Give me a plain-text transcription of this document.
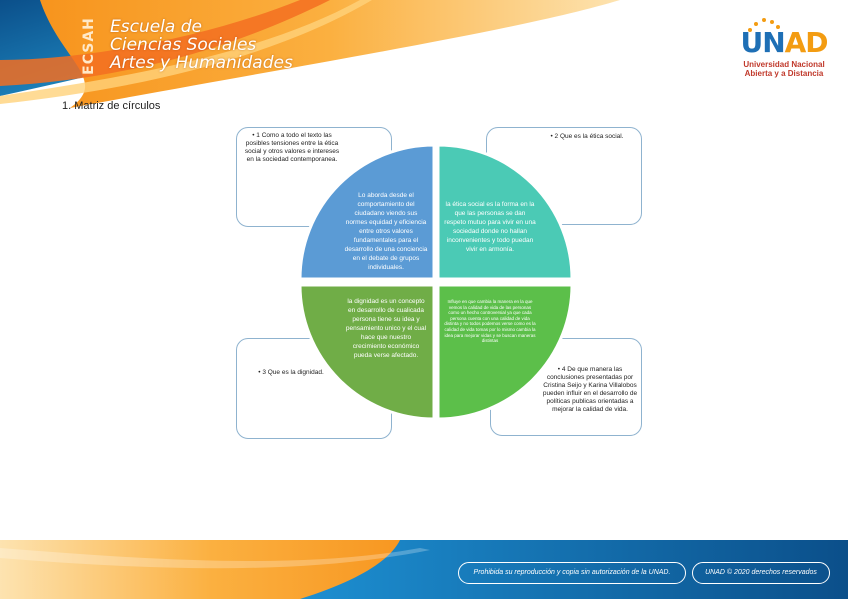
ECSAH Escuela de
Ciencias Sociales
Artes y Humanidades
UNAD
Universidad Nacional
Abierta y a Distancia
1. Matriz de círculos
• 1 Como a todo el texto las posibles tensiones entre la ética social y otros valores e intereses en la sociedad contemporanea.
• 2 Que es la ética social.
• 3 Que es la dignidad.	• 4 De que manera las conclusiones presentadas por Cristina Seijo y Karina Villalobos pueden influir en el desarrollo de políticas publicas orientadas a mejorar la calidad de vida.
Lo aborda desde el comportamiento del ciudadano viendo sus normes equidad y eficiencia entre otros valores fundamentales para el desarrollo de una conciencia en el debate de grupos individuales.
la ética social es la forma en la que las personas se dan respeto mutuo para vivir en una sociedad donde no hallan inconvenientes y todo puedan vivir en armonía.
la dignidad es un concepto en desarrollo de cualicada persona tiene su idea y pensamiento unico y el cual hace que nuestro crecimiento económico pueda verse afectado.
Influye en que cambia la manera en la que vemos la calidad de vida de las personas como un hecho controversial ya que cada persona cuenta con una calidad de vida distinta y no todos podemos verse como es la calidad de vida tomas por lo mismo cambia la idea para mejorar vidas y se buscan maneras distintas
Prohibida su reproducción y copia sin autorización de la UNAD.	UNAD © 2020 derechos reservados
